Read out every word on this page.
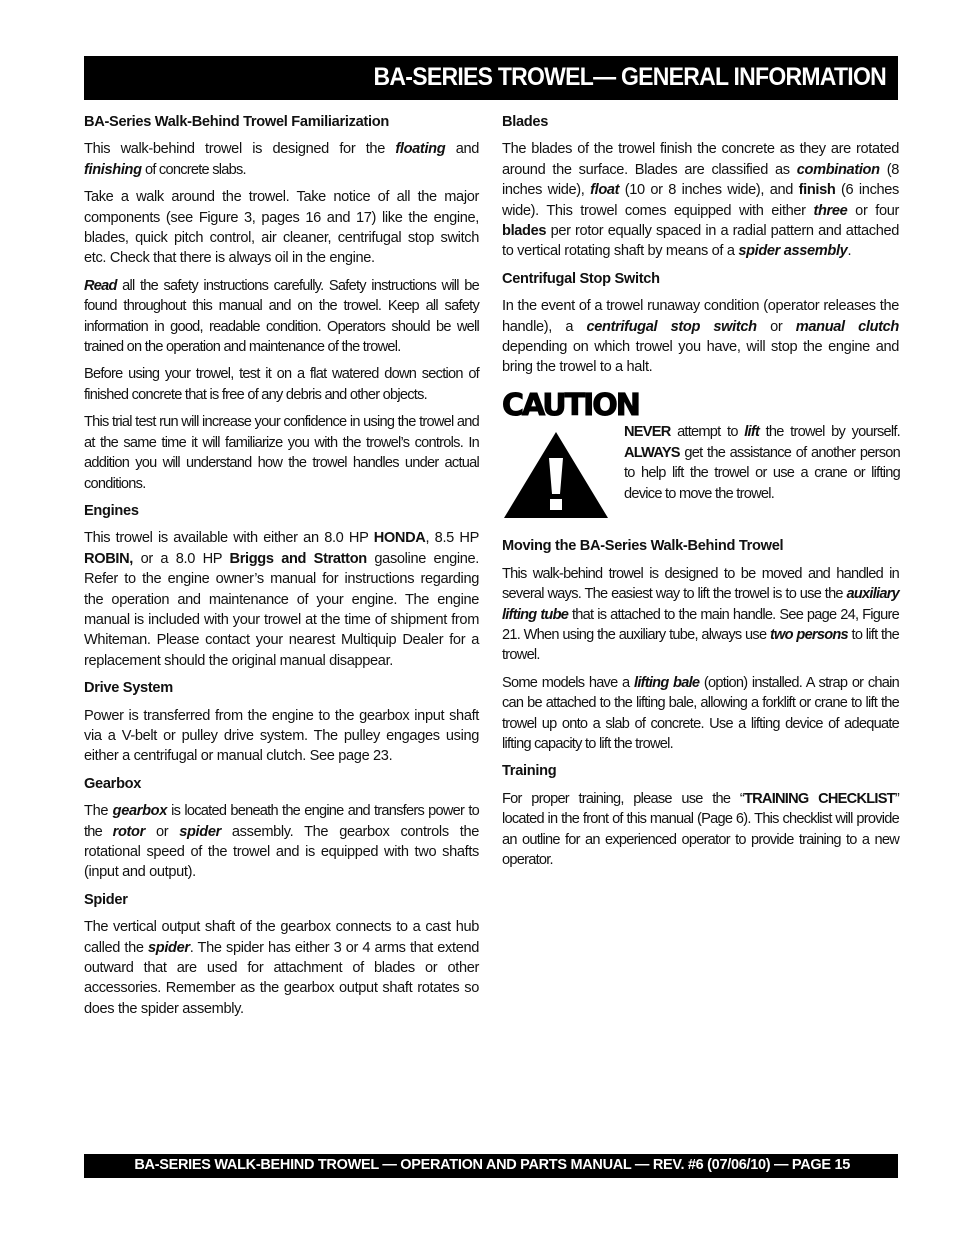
BA-SERIES TROWEL— GENERAL INFORMATION
BA-Series Walk-Behind Trowel Familiarization

This walk-behind trowel is designed for the floating and finishing of concrete slabs.

Take a walk around the trowel. Take notice of all the major components (see Figure 3, pages 16 and 17) like the engine, blades, quick pitch control, air cleaner, centrifugal stop switch etc. Check that there is always oil in the engine.

Read all the safety instructions carefully. Safety instructions will be found throughout this manual and on the trowel. Keep all safety information in good, readable condition. Operators should be well trained on the operation and maintenance of the trowel.

Before using your trowel, test it on a flat watered down section of finished concrete that is free of any debris and other objects.

This trial test run will increase your confidence in using the trowel and at the same time it will familiarize you with the trowel’s controls. In addition you will understand how the trowel handles under actual conditions.

Engines

This trowel is available with either an 8.0 HP HONDA, 8.5 HP ROBIN, or a 8.0 HP Briggs and Stratton gasoline engine. Refer to the engine owner’s manual for instructions regarding the operation and maintenance of your engine. The engine manual is included with your trowel at the time of shipment from Whiteman. Please contact your nearest Multiquip Dealer for a replacement should the original manual disappear.

Drive System

Power is transferred from the engine to the gearbox input shaft via a V-belt or pulley drive system. The pulley engages using either a centrifugal or manual clutch. See page 23.

Gearbox

The gearbox is located beneath the engine and transfers power to the rotor or spider assembly. The gearbox controls the rotational speed of the trowel and is equipped with two shafts (input and output).

Spider

The vertical output shaft of the gearbox connects to a cast hub called the spider. The spider has either 3 or 4 arms that extend outward that are used for attachment of blades or other accessories. Remember as the gearbox output shaft rotates so does the spider assembly.

Blades

The blades of the trowel finish the concrete as they are rotated around the surface. Blades are classified as combination (8 inches wide), float (10 or 8 inches wide), and finish (6 inches wide). This trowel comes equipped with either three or four blades per rotor equally spaced in a radial pattern and attached to vertical rotating shaft by means of a spider assembly.

Centrifugal Stop Switch

In the event of a trowel runaway condition (operator releases the handle), a centrifugal stop switch or manual clutch depending on which trowel you have, will stop the engine and bring the trowel to a halt.

CAUTION

NEVER attempt to lift the trowel by yourself. ALWAYS get the assistance of another person to help lift the trowel or use a crane or lifting device to move the trowel.

Moving the BA-Series Walk-Behind Trowel

This walk-behind trowel is designed to be moved and handled in several ways. The easiest way to lift the trowel is to use the auxiliary lifting tube that is attached to the main handle. See page 24, Figure 21. When using the auxiliary tube, always use two persons to lift the trowel.

Some models have a lifting bale (option) installed. A strap or chain can be attached to the lifting bale, allowing a forklift or crane to lift the trowel up onto a slab of concrete. Use a lifting device of adequate lifting capacity to lift the trowel.

Training

For proper training, please use the “TRAINING CHECKLIST” located in the front of this manual (Page 6). This checklist will provide an outline for an experienced operator to provide training to a new operator.

BA-SERIES WALK-BEHIND TROWEL — OPERATION AND PARTS MANUAL — REV. #6 (07/06/10) — PAGE 15
